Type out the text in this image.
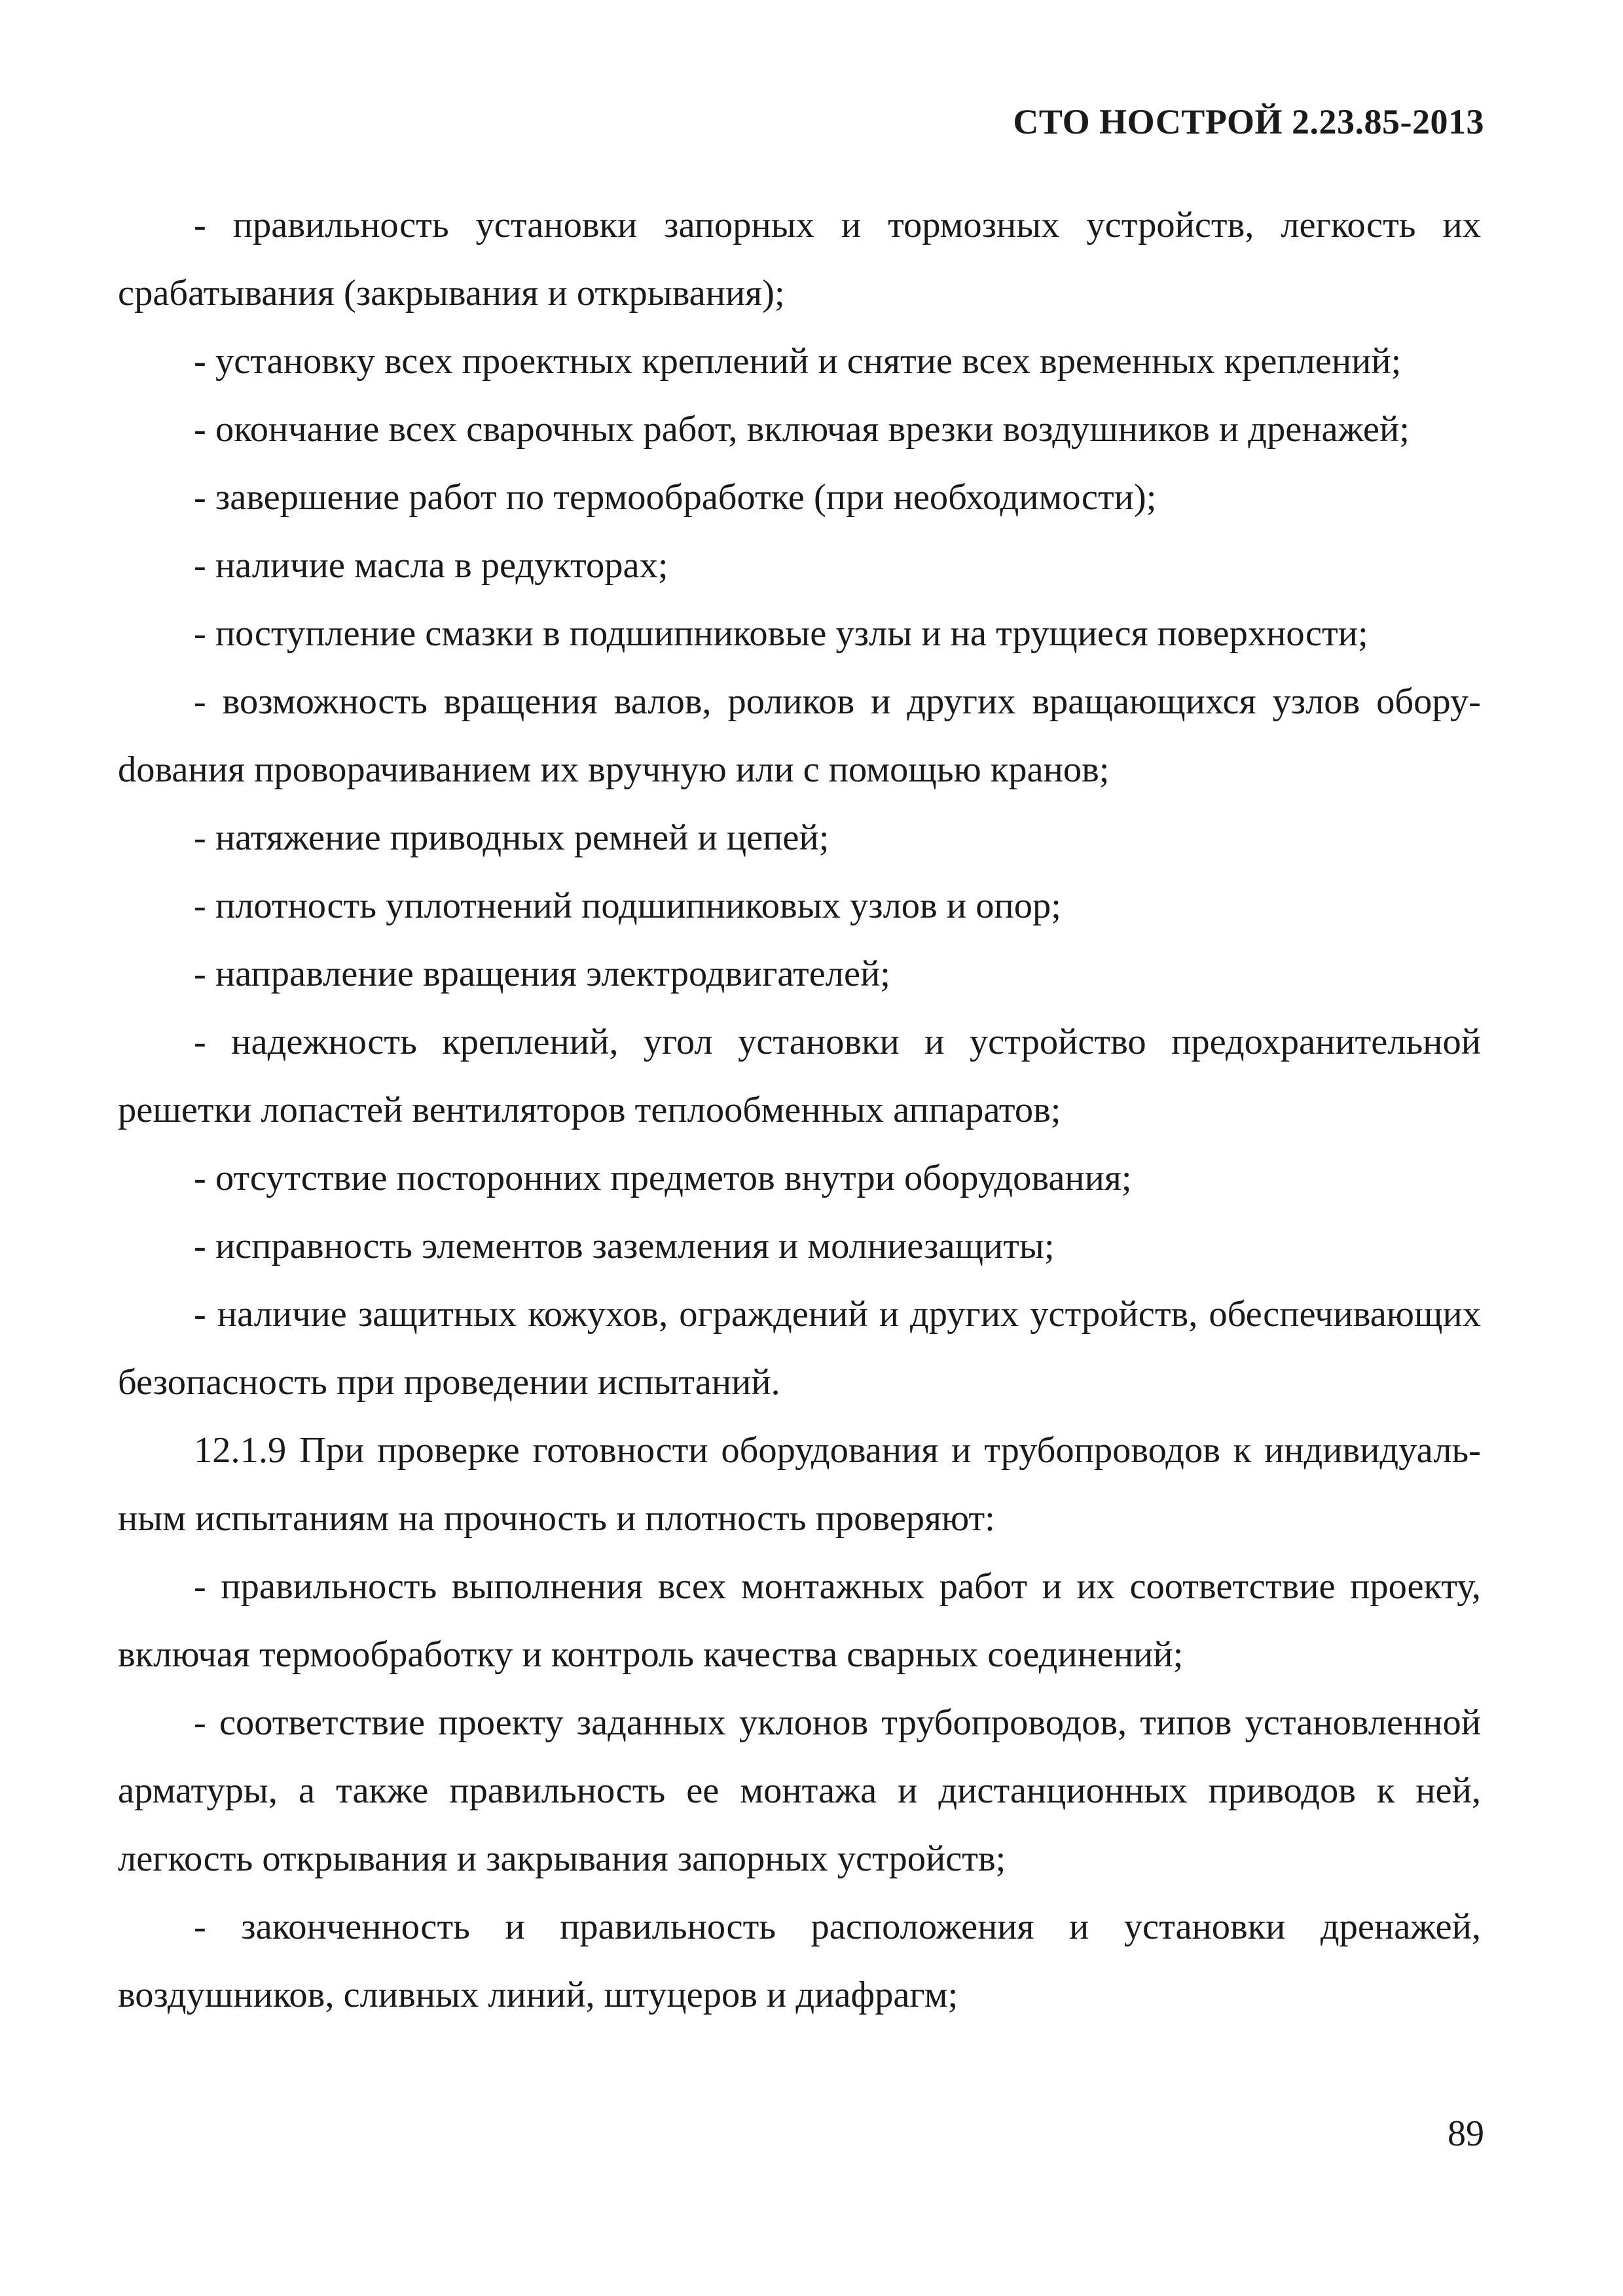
СТО НОСТРОЙ 2.23.85-2013

- правильность установки запорных и тормозных устройств, легкость их срабатывания (закрывания и открывания);

- установку всех проектных креплений и снятие всех временных креплений;

- окончание всех сварочных работ, включая врезки воздушников и дренажей;

- завершение работ по термообработке (при необходимости);

- наличие масла в редукторах;

- поступление смазки в подшипниковые узлы и на трущиеся поверхности;

- возможность вращения валов, роликов и других вращающихся узлов оборуdования проворачиванием их вручную или с помощью кранов;

- натяжение приводных ремней и цепей;

- плотность уплотнений подшипниковых узлов и опор;

- направление вращения электродвигателей;

- надежность креплений, угол установки и устройство предохранительной решетки лопастей вентиляторов теплообменных аппаратов;

- отсутствие посторонних предметов внутри оборудования;

- исправность элементов заземления и молниезащиты;

- наличие защитных кожухов, ограждений и других устройств, обеспечивающих безопасность при проведении испытаний.

12.1.9 При проверке готовности оборудования и трубопроводов к индивидуальным испытаниям на прочность и плотность проверяют:

- правильность выполнения всех монтажных работ и их соответствие проекту, включая термообработку и контроль качества сварных соединений;

- соответствие проекту заданных уклонов трубопроводов, типов установленной арматуры, а также правильность ее монтажа и дистанционных приводов к ней, легкость открывания и закрывания запорных устройств;

- законченность и правильность расположения и установки дренажей, воздушников, сливных линий, штуцеров и диафрагм;

89
